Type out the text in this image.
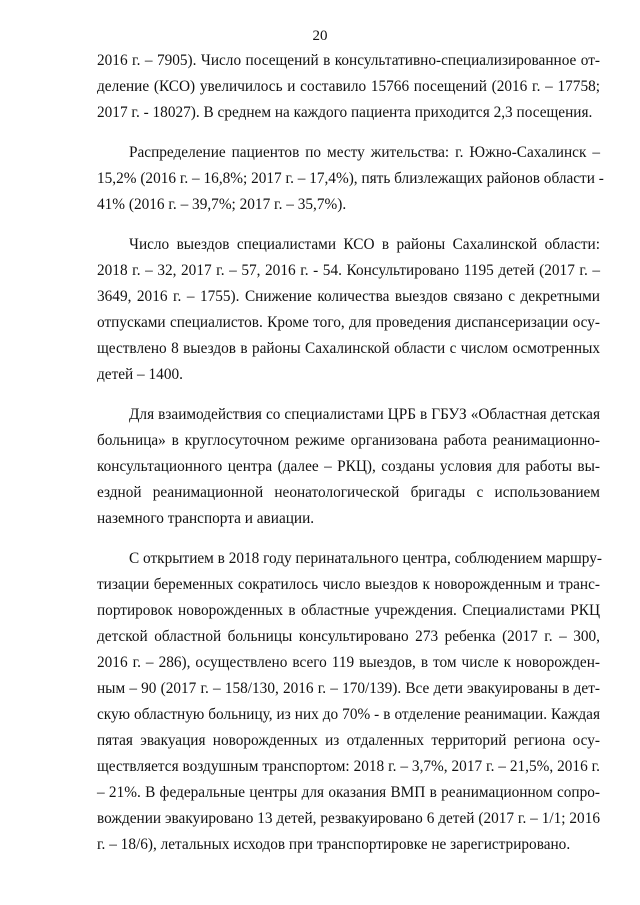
20
2016 г. – 7905). Число посещений в консультативно-специализированное от-
деление (КСО) увеличилось и составило 15766 посещений (2016 г. – 17758;
2017 г. - 18027). В среднем на каждого пациента приходится 2,3 посещения.
Распределение пациентов по месту жительства: г. Южно-Сахалинск –
15,2% (2016 г. – 16,8%; 2017 г. – 17,4%), пять близлежащих районов области -
41% (2016 г. – 39,7%; 2017 г. – 35,7%).
Число выездов специалистами КСО в районы Сахалинской области:
2018 г. – 32, 2017 г. – 57, 2016 г. - 54. Консультировано 1195 детей (2017 г. –
3649, 2016 г. – 1755). Снижение количества выездов связано с декретными
отпусками специалистов. Кроме того, для проведения диспансеризации осу-
ществлено 8 выездов в районы Сахалинской области с числом осмотренных
детей – 1400.
Для взаимодействия со специалистами ЦРБ в ГБУЗ «Областная детская
больница» в круглосуточном режиме организована работа реанимационно-
консультационного центра (далее – РКЦ), созданы условия для работы вы-
ездной реанимационной неонатологической бригады с использованием
наземного транспорта и авиации.
С открытием в 2018 году перинатального центра, соблюдением маршру-
тизации беременных сократилось число выездов к новорожденным и транс-
портировок новорожденных в областные учреждения. Специалистами РКЦ
детской областной больницы консультировано 273 ребенка (2017 г. – 300,
2016 г. – 286), осуществлено всего 119 выездов, в том числе к новорожден-
ным – 90 (2017 г. – 158/130, 2016 г. – 170/139). Все дети эвакуированы в дет-
скую областную больницу, из них до 70% - в отделение реанимации. Каждая
пятая эвакуация новорожденных из отдаленных территорий региона осу-
ществляется воздушным транспортом: 2018 г. – 3,7%, 2017 г. – 21,5%, 2016 г.
– 21%. В федеральные центры для оказания ВМП в реанимационном сопро-
вождении эвакуировано 13 детей, резвакуировано 6 детей (2017 г. – 1/1; 2016
г. – 18/6), летальных исходов при транспортировке не зарегистрировано.
